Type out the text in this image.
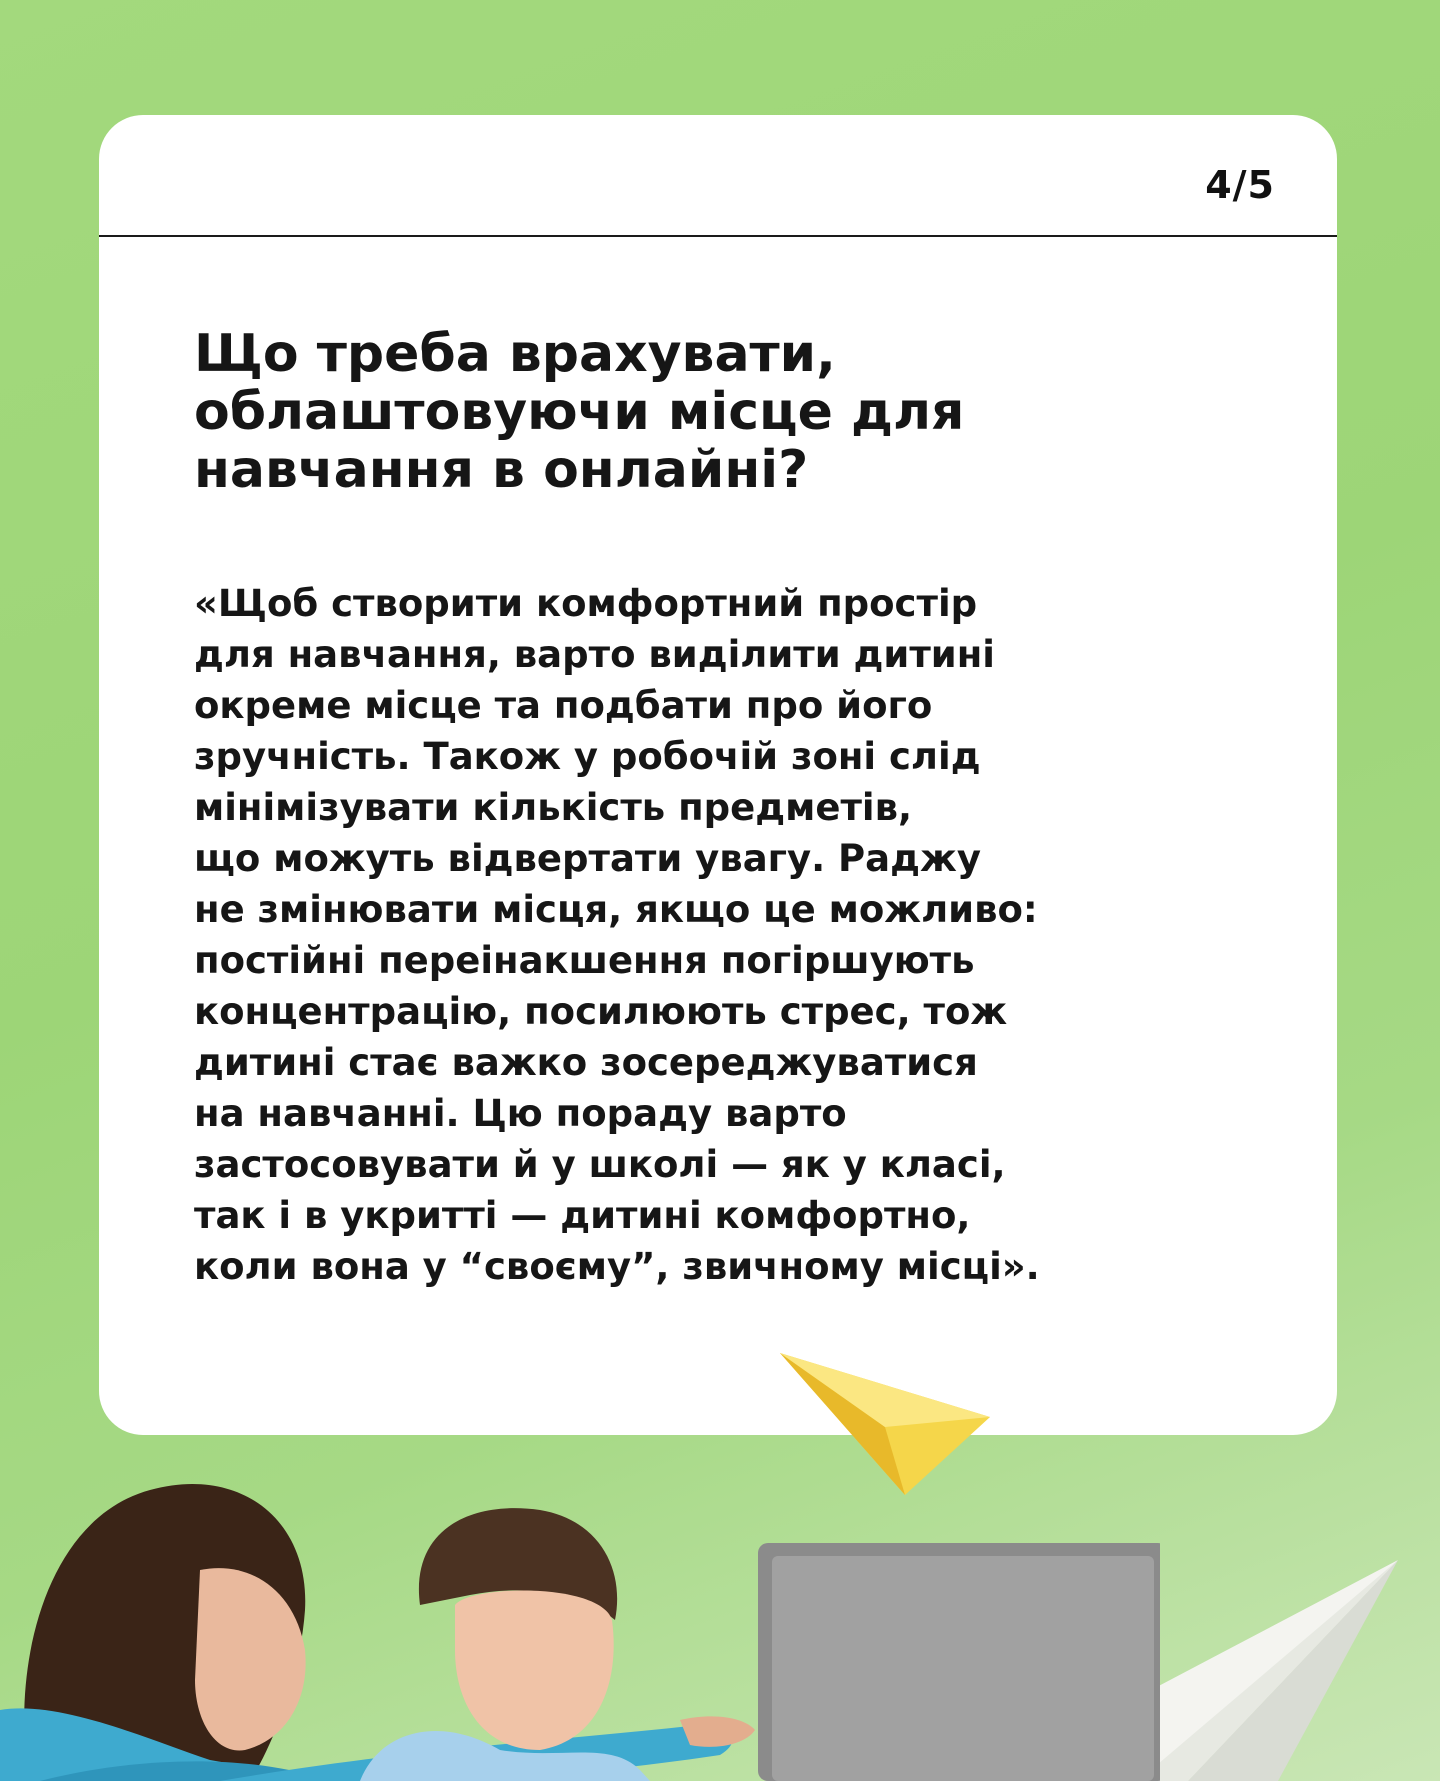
4/5
Що треба врахувати, облаштовуючи місце для навчання в онлайні?

«Щоб створити комфортний простір
для навчання, варто виділити дитині
окреме місце та подбати про його
зручність. Також у робочій зоні слід
мінімізувати кількість предметів,
що можуть відвертати увагу. Раджу
не змінювати місця, якщо це можливо:
постійні переінакшення погіршують
концентрацію, посилюють стрес, тож
дитині стає важко зосереджуватися
на навчанні. Цю пораду варто
застосовувати й у школі — як у класі,
так і в укритті — дитині комфортно,
коли вона у “своєму”, звичному місці».
